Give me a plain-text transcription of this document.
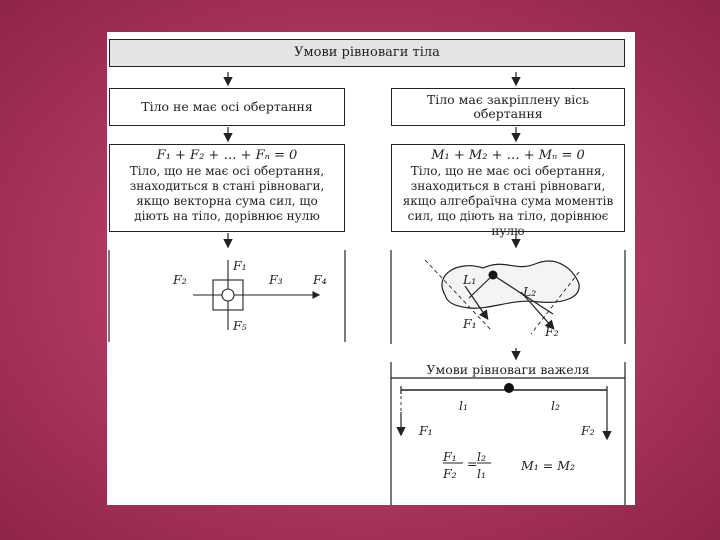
Умови рівноваги тіла
Тіло не має осі обертання	Тіло має закріплену вісь обертання
F₁ + F₂ + … + Fₙ = 0
Тіло, що не має осі обертання, знаходиться в стані рівноваги, якщо векторна сума сил, що діють на тіло, дорівнює нулю
M₁ + M₂ + … + Mₙ = 0
Тіло, що не має осі обертання, знаходиться в стані рівноваги, якщо алгебраїчна сума моментів сил, що діють на тіло, дорівнює нулю
F₁
F₂	F₃ F₄
F₅
L₁
L₂
F₁
F₂
Умови рівноваги важеля
l₁	l₂
F₁	F₂
F₁
F₂
= l₂
l₁
M₁ = M₂
